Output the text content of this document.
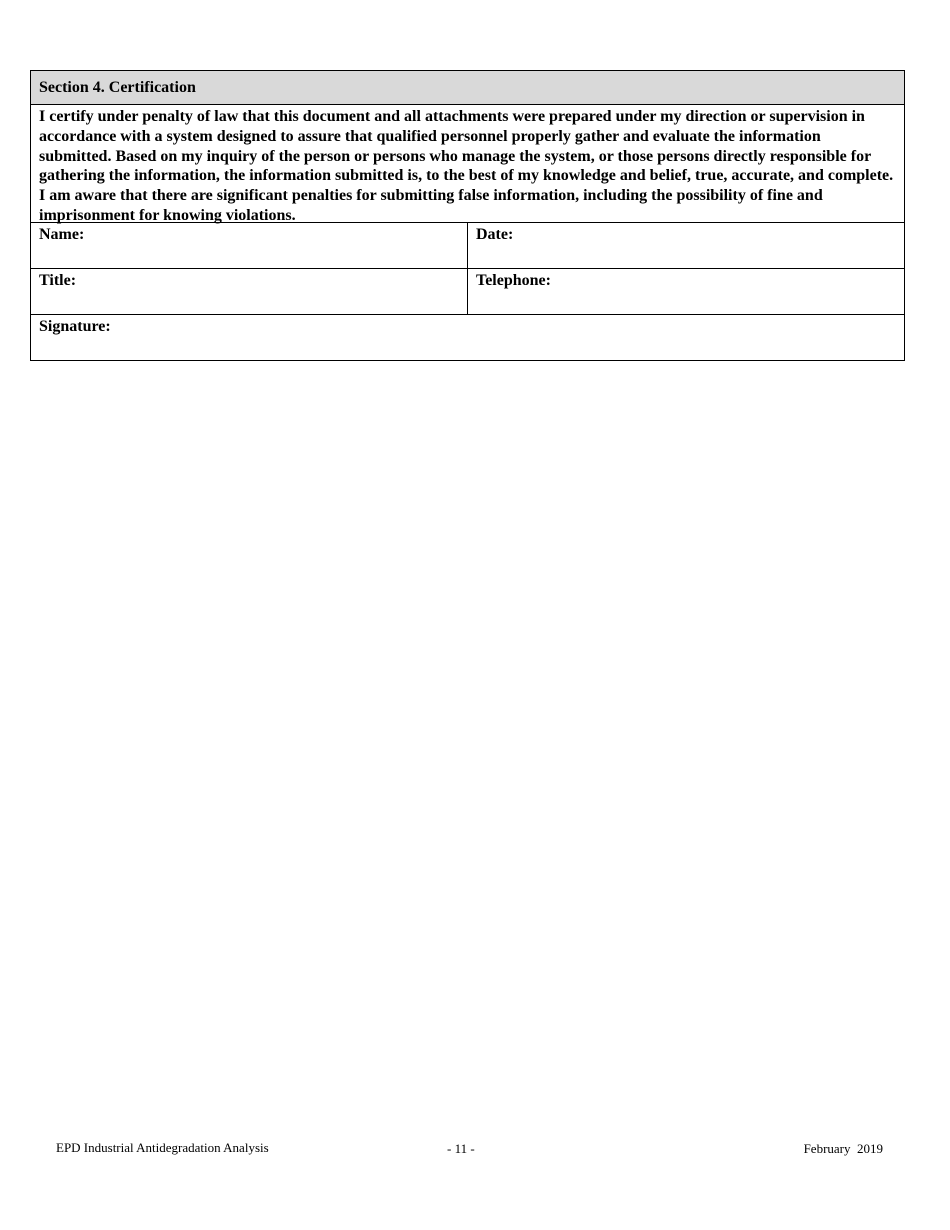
Section 4. Certification
I certify under penalty of law that this document and all attachments were prepared under my direction or supervision in accordance with a system designed to assure that qualified personnel properly gather and evaluate the information submitted. Based on my inquiry of the person or persons who manage the system, or those persons directly responsible for gathering the information, the information submitted is, to the best of my knowledge and belief, true, accurate, and complete. I am aware that there are significant penalties for submitting false information, including the possibility of fine and imprisonment for knowing violations.
Name:	Date:
Title:	Telephone:
Signature:
EPD Industrial Antidegradation Analysis	- 11 -	February  2019
